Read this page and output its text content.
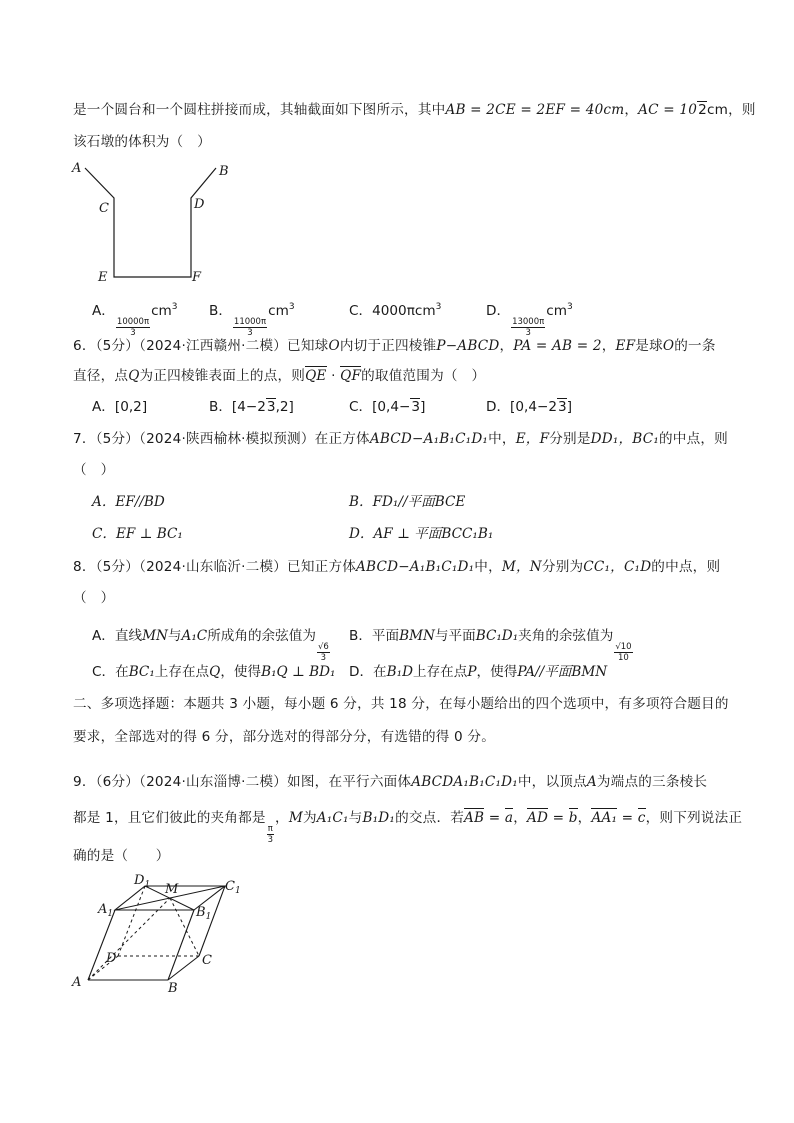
是一个圆台和一个圆柱拼接而成，其轴截面如下图所示，其中AB = 2CE = 2EF = 40cm，AC = 102cm，则
该石墩的体积为（　）
A	B
C	D
E	F
A．
$\frac{10000\pi}{3}$
$cm^3$ B．
$\frac{11000\pi}{3}$
$cm^3$	C．4000πcm$^3$	D．
$\frac{13000\pi}{3}$
$cm^3$
6．（5分）（2024·江西赣州·二模）已知球O内切于正四棱锥P−ABCD，PA = AB = 2，EF是球O的一条
直径，点Q为正四棱锥表面上的点，则QE · QF的取值范围为（　）
A．[0,2]	B．[4−23,2]	C．[0,4−3]	D．[0,4−23]
7．（5分）（2024·陕西榆林·模拟预测）在正方体ABCD−A₁B₁C₁D₁中，E，F分别是DD₁，BC₁的中点，则
（　）
A．EF//BD	B．FD₁//平面BCE
C．EF ⊥ BC₁	D．AF ⊥ 平面BCC₁B₁
8．（5分）（2024·山东临沂·二模）已知正方体ABCD−A₁B₁C₁D₁中，M，N分别为CC₁，C₁D的中点，则
（　）
A．直线MN与A₁C所成角的余弦值为
$\frac{√6}{3}$
B．平面BMN与平面BC₁D₁夹角的余弦值为
$\frac{√10}{10}$
C．在BC₁上存在点Q，使得B₁Q ⊥ BD₁ D．在B₁D上存在点P，使得PA//平面BMN
二、多项选择题：本题共 3 小题，每小题 6 分，共 18 分，在每小题给出的四个选项中，有多项符合题目的
要求，全部选对的得 6 分，部分选对的得部分分，有选错的得 0 分。
9．（6分）（2024·山东淄博·二模）如图，在平行六面体ABCDA₁B₁C₁D₁中，以顶点A为端点的三条棱长
都是 1，且它们彼此的夹角都是
$\frac{\pi}{3}$
，M为A₁C₁与B₁D₁的交点．若AB = a，AD = b，AA₁ = c，则下列说法正
确的是（　　）
$D_1$ M	$C_1$
$A_1$	$B_1$
D	C
A	B
